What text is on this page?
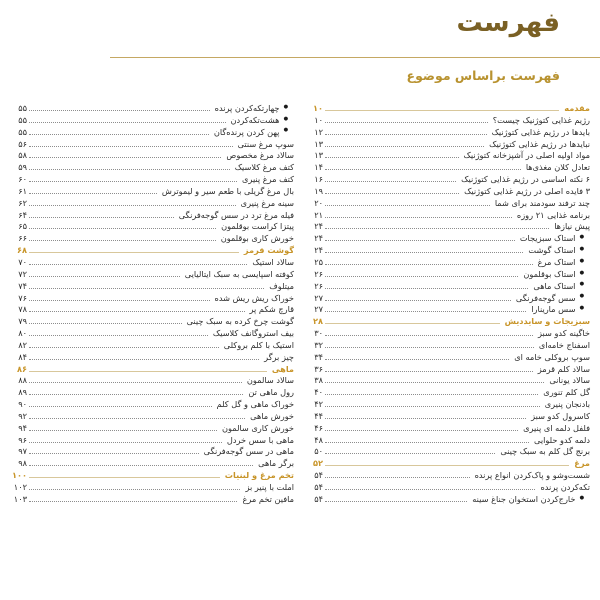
فهرست
فهرست براساس موضوع
مقدمه
۱۰
رژیم غذایی کتوژنیک چیست؟
۱۰
بایدها در رژیم غذایی کتوژنیک
۱۲
نبایدها در رژیم غذایی کتوژنیک
۱۳
مواد اولیه اصلی در آشپزخانه کتوژنیک
۱۳
تعادل کلان مغذی‌ها
۱۴
۶ نکته اساسی در رژیم غذایی کتوژنیک
۱۶
۳ فایده اصلی در رژیم غذایی کتوژنیک
۱۹
چند ترفند سودمند برای شما
۲۰
برنامه غذایی ۲۱ روزه
۲۱
پیش نیازها
۲۴
● استاک سبزیجات
۲۴
● استاک گوشت
۲۴
● استاک مرغ
۲۵
● استاک بوقلمون
۲۶
● استاک ماهی
۲۶
● سس گوجه‌فرنگی
۲۷
● سس مارینارا
۲۷
سبزیجات و سایددیش
۲۸
خاگینه کدو سبز
۳۰
اسفناج خامه‌ای
۳۲
سوپ بروکلی خامه ای
۳۴
سالاد کلم قرمز
۳۶
سالاد یونانی
۳۸
گل کلم تنوری
۴۰
بادنجان پنیری
۴۲
کاسرول کدو سبز
۴۴
فلفل دلمه ای پنیری
۴۶
دلمه کدو حلوایی
۴۸
برنج گل کلم به سبک چینی
۵۰
مرغ
۵۲
شست‌وشو و پاک‌کردن انواع پرنده
۵۴
تکه‌کردن پرنده
۵۴
● خارج‌کردن استخوان جناغ سینه
۵۴
● چهارتکه‌کردن پرنده
۵۵
● هشت‌تکه‌کردن
۵۵
● پهن کردن پرنده‌گان
۵۵
سوپ مرغ سنتی
۵۶
سالاد مرغ مخصوص
۵۸
کتف مرغ کلاسیک
۵۹
کتف مرغ پنیری
۶۰
بال مرغ گریلی با طعم سیر و لیموترش
۶۱
سینه مرغ پنیری
۶۲
فیله مرغ ترد در سس گوجه‌فرنگی
۶۴
پیتزا کراست بوقلمون
۶۵
خورش کاری بوقلمون
۶۶
گوشت قرمز
۶۸
سالاد استیک
۷۰
کوفته اسپایسی به سبک ایتالیایی
۷۲
میتلوف
۷۴
خوراک ریش ریش شده
۷۶
قارچ شکم پر
۷۸
گوشت چرخ کرده به سبک چینی
۷۹
بیف استروگانف کلاسیک
۸۰
استیک با کلم بروکلی
۸۲
چیز برگر
۸۴
ماهی
۸۶
سالاد سالمون
۸۸
رول ماهی تن
۸۹
خوراک ماهی و گل کلم
۹۰
خورش ماهی
۹۲
خورش کاری سالمون
۹۴
ماهی با سس خردل
۹۶
ماهی در سس گوجه‌فرنگی
۹۷
برگر ماهی
۹۸
تخم مرغ و لبنیات
۱۰۰
املت با پنیر بز
۱۰۲
مافین تخم مرغ
۱۰۳
